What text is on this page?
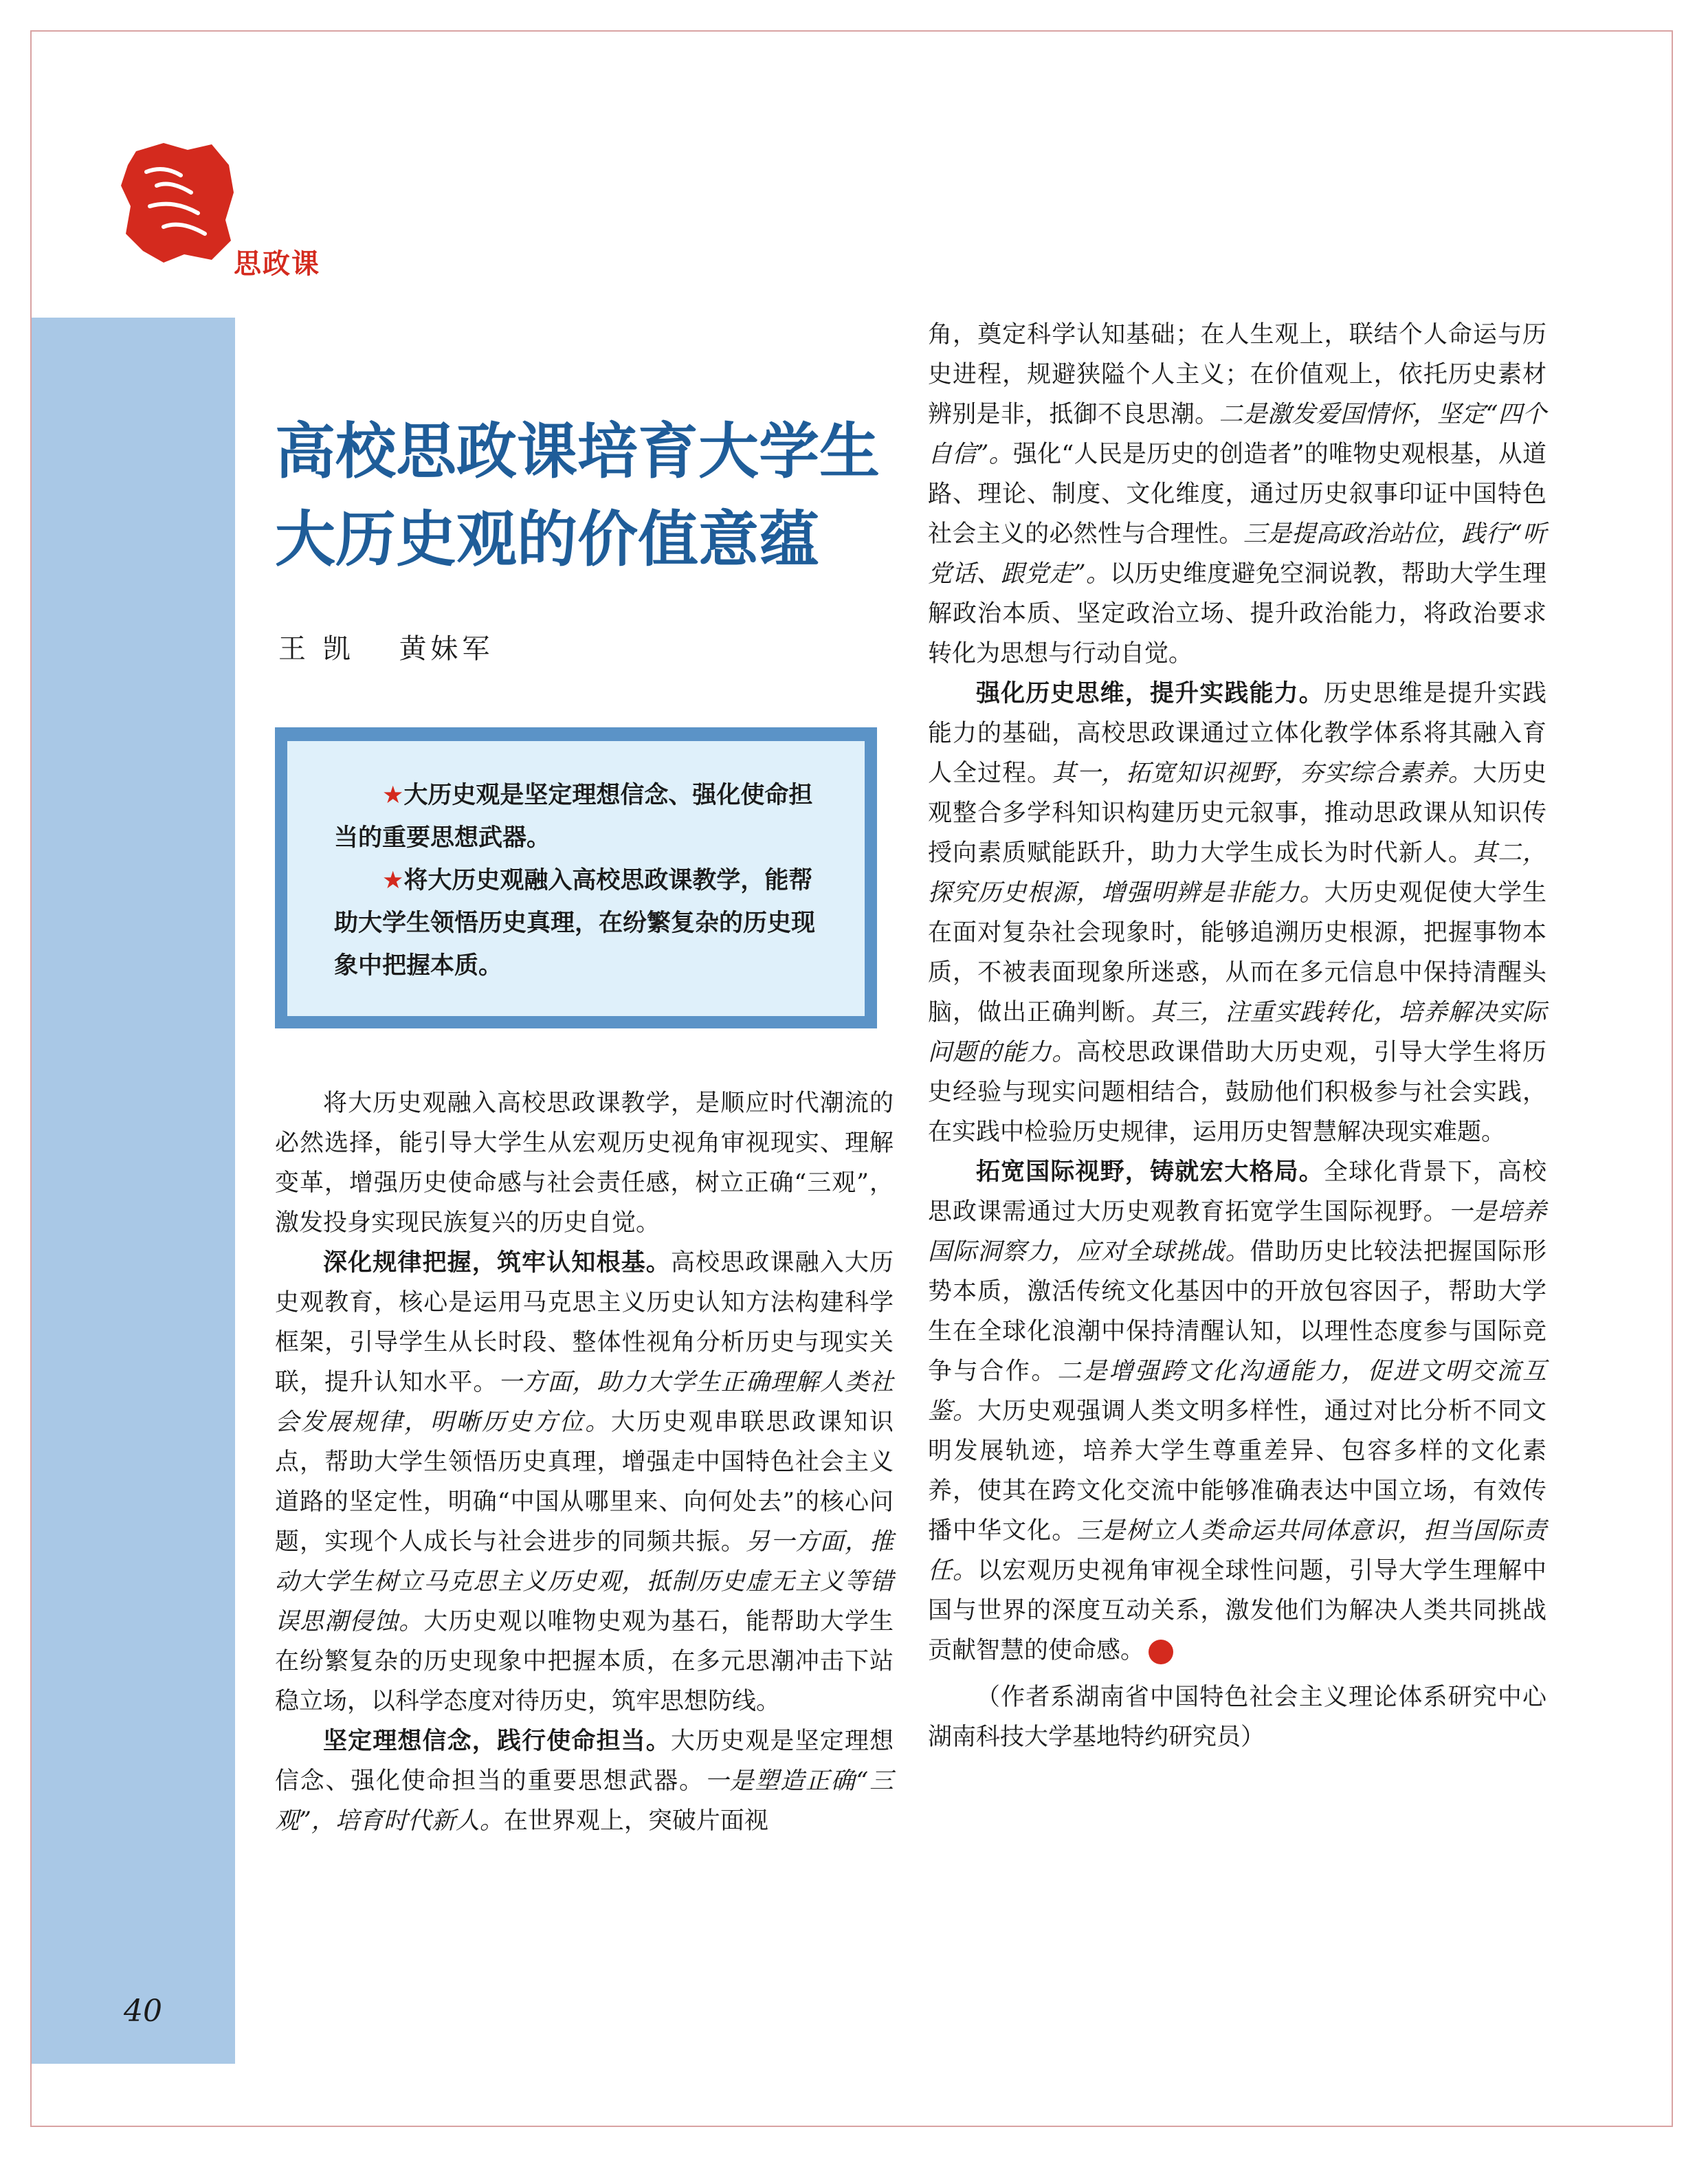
思政课
高校思政课培育大学生
大历史观的价值意蕴
王 凯 黄妹军

★大历史观是坚定理想信念、强化使命担当的重要思想武器。

★将大历史观融入高校思政课教学，能帮助大学生领悟历史真理，在纷繁复杂的历史现象中把握本质。

将大历史观融入高校思政课教学，是顺应时代潮流的必然选择，能引导大学生从宏观历史视角审视现实、理解变革，增强历史使命感与社会责任感，树立正确“三观”，激发投身实现民族复兴的历史自觉。

深化规律把握，筑牢认知根基。高校思政课融入大历史观教育，核心是运用马克思主义历史认知方法构建科学框架，引导学生从长时段、整体性视角分析历史与现实关联，提升认知水平。一方面，助力大学生正确理解人类社会发展规律，明晰历史方位。大历史观串联思政课知识点，帮助大学生领悟历史真理，增强走中国特色社会主义道路的坚定性，明确“中国从哪里来、向何处去”的核心问题，实现个人成长与社会进步的同频共振。另一方面，推动大学生树立马克思主义历史观，抵制历史虚无主义等错误思潮侵蚀。大历史观以唯物史观为基石，能帮助大学生在纷繁复杂的历史现象中把握本质，在多元思潮冲击下站稳立场，以科学态度对待历史，筑牢思想防线。

坚定理想信念，践行使命担当。大历史观是坚定理想信念、强化使命担当的重要思想武器。一是塑造正确“三观”，培育时代新人。在世界观上，突破片面视

角，奠定科学认知基础；在人生观上，联结个人命运与历史进程，规避狭隘个人主义；在价值观上，依托历史素材辨别是非，抵御不良思潮。二是激发爱国情怀，坚定“四个自信”。强化“人民是历史的创造者”的唯物史观根基，从道路、理论、制度、文化维度，通过历史叙事印证中国特色社会主义的必然性与合理性。三是提高政治站位，践行“听党话、跟党走”。以历史维度避免空洞说教，帮助大学生理解政治本质、坚定政治立场、提升政治能力，将政治要求转化为思想与行动自觉。

强化历史思维，提升实践能力。历史思维是提升实践能力的基础，高校思政课通过立体化教学体系将其融入育人全过程。其一，拓宽知识视野，夯实综合素养。大历史观整合多学科知识构建历史元叙事，推动思政课从知识传授向素质赋能跃升，助力大学生成长为时代新人。其二，探究历史根源，增强明辨是非能力。大历史观促使大学生在面对复杂社会现象时，能够追溯历史根源，把握事物本质，不被表面现象所迷惑，从而在多元信息中保持清醒头脑，做出正确判断。其三，注重实践转化，培养解决实际问题的能力。高校思政课借助大历史观，引导大学生将历史经验与现实问题相结合，鼓励他们积极参与社会实践，在实践中检验历史规律，运用历史智慧解决现实难题。

拓宽国际视野，铸就宏大格局。全球化背景下，高校思政课需通过大历史观教育拓宽学生国际视野。一是培养国际洞察力，应对全球挑战。借助历史比较法把握国际形势本质，激活传统文化基因中的开放包容因子，帮助大学生在全球化浪潮中保持清醒认知，以理性态度参与国际竞争与合作。二是增强跨文化沟通能力，促进文明交流互鉴。大历史观强调人类文明多样性，通过对比分析不同文明发展轨迹，培养大学生尊重差异、包容多样的文化素养，使其在跨文化交流中能够准确表达中国立场，有效传播中华文化。三是树立人类命运共同体意识，担当国际责任。以宏观历史视角审视全球性问题，引导大学生理解中国与世界的深度互动关系，激发他们为解决人类共同挑战贡献智慧的使命感。

（作者系湖南省中国特色社会主义理论体系研究中心湖南科技大学基地特约研究员）

40
